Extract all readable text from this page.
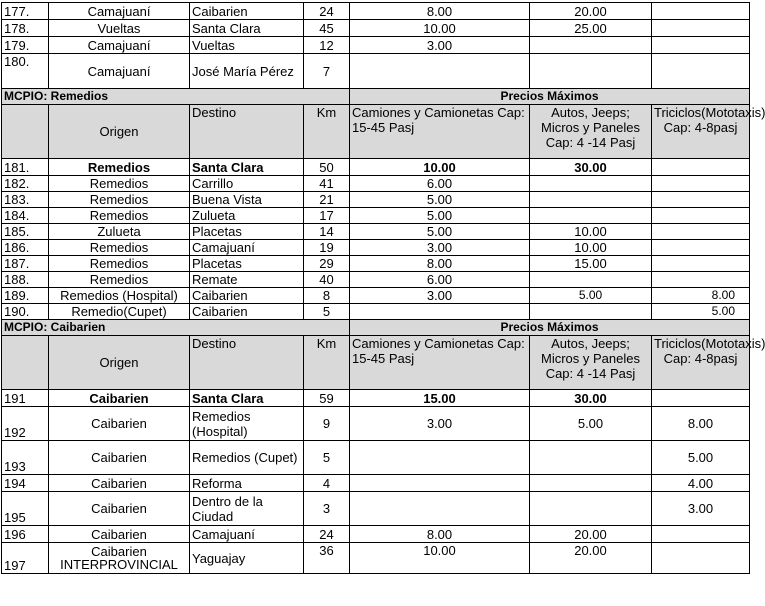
177.	Camajuaní	Caibarien	24	8.00	20.00	
178.	Vueltas	Santa Clara	45	10.00	25.00	
179.	Camajuaní	Vueltas	12	3.00		
180.	Camajuaní	José María Pérez	7			
MCPIO: Remedios				Precios Máximos		
	Origen	Destino	Km	Camiones y Camionetas Cap: 15-45 Pasj	Autos, Jeeps; Micros y Paneles Cap: 4 -14 Pasj	Triciclos(Mototaxis) Cap: 4-8pasj
181.	Remedios	Santa Clara	50	10.00	30.00	
182.	Remedios	Carrillo	41	6.00		
183.	Remedios	Buena Vista	21	5.00		
184.	Remedios	Zulueta	17	5.00		
185.	Zulueta	Placetas	14	5.00	10.00	
186.	Remedios	Camajuaní	19	3.00	10.00	
187.	Remedios	Placetas	29	8.00	15.00	
188.	Remedios	Remate	40	6.00		
189.	Remedios (Hospital)	Caibarien	8	3.00	5.00	8.00
190.	Remedio(Cupet)	Caibarien	5			5.00
MCPIO: Caibarien				Precios Máximos		
	Origen	Destino	Km	Camiones y Camionetas Cap: 15-45 Pasj	Autos, Jeeps; Micros y Paneles Cap: 4 -14 Pasj	Triciclos(Mototaxis) Cap: 4-8pasj
191	Caibarien	Santa Clara	59	15.00	30.00	
192	Caibarien	Remedios (Hospital)	9	3.00	5.00	8.00
193	Caibarien	Remedios (Cupet)	5			5.00
194	Caibarien	Reforma	4			4.00
195	Caibarien	Dentro de la Ciudad	3			3.00
196	Caibarien	Camajuaní	24	8.00	20.00	
197	Caibarien INTERPROVINCIAL	Yaguajay	36	10.00	20.00	
